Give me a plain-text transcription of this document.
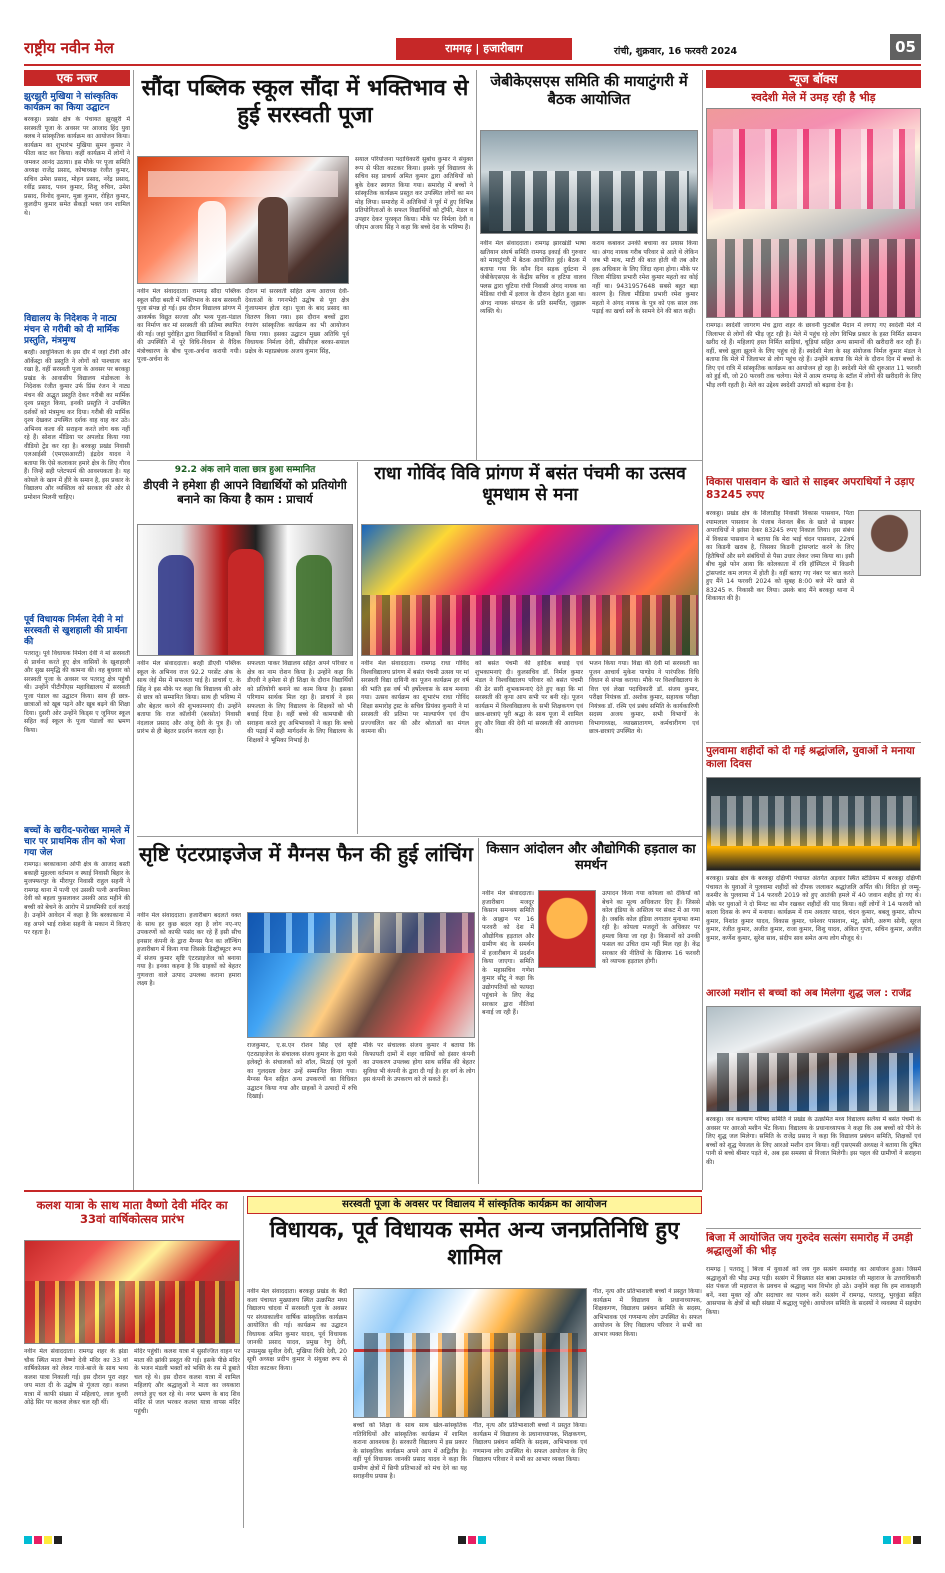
राष्ट्रीय नवीन मेल	रामगढ़ | हजारीबाग	रांची, शुक्रवार, 16 फरवरी 2024	05
एक नजर
झुरझुरी मुखिया ने सांस्कृतिक कार्यक्रम का किया उद्घाटन
बरकट्ठा। प्रखंड क्षेत्र के पंचायत झुरझुरी में सरस्वती पूजा के अवसर पर आजाद हिंद युवा क्लब ने सांस्कृतिक कार्यक्रम का आयोजन किया। कार्यक्रम का शुभारंभ मुखिया सुमन कुमार ने फीता काट कर किया। कहीं कार्यक्रम में लोगों ने जमकर आनंद उठाया। इस मौके पर पूजा समिति अध्यक्ष राजेंद्र प्रसाद, कोषाध्यक्ष रंजीत कुमार, सचिव उमेश प्रसाद, मोहन प्रसाद, नरेंद्र प्रसाद, रवींद्र प्रसाद, पवन कुमार, शिशु रुचिन, उमेश प्रसाद, विनोद कुमार, मुन्ना कुमार, रोहित कुमार, कुलदीप कुमार समेत सैकड़ों भक्त जन शामिल थे।
विद्यालय के निदेशक ने नाट्य मंचन से गरीबी को दी मार्मिक प्रस्तुति, मंत्रमुग्ध
बरही। आधुनिकता के इस दौर में जहां टीवी और ऑर्केस्ट्रा की प्रस्तुति ने लोगों को पाश्चात्य कर रखा है, वहीं सरस्वती पूजा के अवसर पर बरकट्ठा प्रखंड के आवासीय विद्यालय मंडोकला के निदेशक रंजीत कुमार उर्फ प्रिंस रंजन ने नाट्य मंचन की अद्भुत प्रस्तुति देकर गरीबी का मार्मिक दृश्य प्रस्तुत किया, इनकी प्रस्तुति ने उपस्थित दर्शकों को मंत्रमुग्ध कर दिया। गरीबी की मार्मिक दृश्य देखकर उपस्थित दर्शक वाह वाह कर उठे। अभिनय कला की सराहना करते लोग थक नहीं रहे हैं। सोशल मीडिया पर अपलोड किया गया वीडियो ट्रेंड कर रहा है। बरकट्ठा प्रखंड निवासी एलआईसी (एमएसआरटी) इंद्रदेव यादव ने बताया कि ऐसे कलाकार हमारे क्षेत्र के लिए गौरव हैं। जिन्हें सही प्लेटफार्म की आवश्यकता है। यह कोयले के खान में हीरे के समान है, इस प्रकार के विद्यालय और व्यक्तित्व को सरकार की ओर से प्रमोशन मिलनी चाहिए।
पूर्व विधायक निर्मला देवी ने मां सरस्वती से खुशहाली की प्रार्थना की
पतरातू। पूर्व विधायक निर्मला देवी ने मां सरस्वती से प्रार्थना करते हुए क्षेत्र वासियों के खुशहाली और सुख समृद्धि की कामना की। वह बुधवार को सरस्वती पूजा के अवसर पर पतरातु क्षेत्र पहुंची थी। उन्होंने पीटीपीएस महाविद्यालय में सरस्वती पूजा पंडाल का उद्घाटन किया। साथ ही छात्र-छात्राओं को खूब पढ़ने और खूब बढ़ने की शिक्षा दिया। दुसरी ओर उन्होंने किड्स ए जूनियर स्कूल सहित कई स्कूल के पूजा पंडालों का भ्रमण किया।
बच्चों के खरीद-फरोख्त मामले में चार पर प्राथमिक तीन को भेजा गया जेल
रामगढ़। बरकाकाना ओपी क्षेत्र के आजाद बस्ती बकाही मुहल्ला वर्तमान व स्थाई निवासी बिहार के मुजफ्फरपुर के मीरापुर निवासी राहुल सहनी ने रामगढ़ थाना में पत्नी एवं उसकी पत्नी अनामिका देवी को बहला फुसलाकर उसकी आठ महीने की बच्ची को बेचने के आरोप में प्राथमिकी दर्ज कराई है। उन्होंने आवेदन में कहा है कि बरकाकाना में वह अपने भाई राकेश सहनी के मकान में किराए पर रहता है।
सौंदा पब्लिक स्कूल सौंदा में भक्तिभाव से हुई सरस्वती पूजा
नवीन मेल संवाददाता। रामगढ़ सौंदा पब्लिक स्कूल सौंदा बस्ती में भक्तिभाव के साथ सरस्वती पूजा संपन्न हो गई। इस दौरान विद्यालय प्रांगण में आकर्षक विद्युत सज्जा और भव्य पूजा-पंडाल का निर्माण कर मां सरस्वती की प्रतिमा स्थापित की गई। जहां पुरोहित द्वारा विद्यार्थियों व शिक्षकों की उपस्थिति में पूरे विधि-विधान से वैदिक मंत्रोच्चारण के बीच पूजा-अर्चना करायी गयी। पूजा-अर्चना के
दौरान मां सरस्वती सहित अन्य आराध्य देवी-देवताओं के गगनभेदी उद्घोष से पूरा क्षेत्र गुंजायमान होता रहा। पूजा के बाद प्रसाद का वितरण किया गया। इस दौरान बच्चों द्वारा रंगारंग सांस्कृतिक कार्यक्रम का भी आयोजन किया गया। इसका उद्घाटन मुख्य अतिथि पूर्व विधायक निर्मला देवी, सीसीएल बरका-सयाल प्रक्षेत्र के महाप्रबंधक अजय कुमार सिंह,
सयाल परियोजना पदाधिकारी सुबोध कुमार ने संयुक्त रूप से फीता काटकर किया। इसके पूर्व विद्यालय के सचिव सह प्राचार्य अमित कुमार द्वारा अतिथियों को बुके देकर स्वागत किया गया। समारोह में बच्चों ने सांस्कृतिक कार्यक्रम प्रस्तुत कर उपस्थित लोगों का मन मोह लिया। समारोह में अतिथियों ने पूर्व में हुए विभिन्न प्रतियोगिताओं के सफल विद्यार्थियों को ट्रॉफी, मेडल व उपहार देकर पुरस्कृत किया। मौके पर निर्मला देवी व जीएम अजय सिंह ने कहा कि बच्चे देश के भविष्य हैं।
जेबीकेएसएस समिति की मायाटुंगरी में बैठक आयोजित
नवीन मेल संवाददाता। रामगढ़ झारखंडी भाषा खतियान संघर्ष समिति रामगढ़ इकाई की गुरुवार को मायाटुंगरी में बैठक आयोजित हुई। बैठक में बताया गया कि कौन दिन सड़क दुर्घटना में जेबीकेएसएस के केंद्रीय सचिव व हटिया वालव फ्लस द्वारा चुटिया रांची निवासी अंगद नायक का मेडिका रांची में इलाज के दौरान देहांत हुआ था। अंगद नायक संगठन के प्रति समर्पित, जुझारू व्यक्ति थे।
कराय कबाकर उनकी बचाया का प्रयास किया था। अंगद नायक गरीब परिवार से आते थे लेकिन जब भी माथ, माटी की बात होती थी तब और हक अधिकार के लिए जिंदा रहना होगा। मौके पर जिला मीडिया प्रभारी रमेश कुमार महतो का कोई नहीं था। 9431957648 सबसे बहुत बड़ा कारण है। जिला मीडिया प्रभारी रमेश कुमार महतो ने अंगद नायक के पुत्र को एक साल तक पढ़ाई का खर्चा सर्वे के सामने देने की बात कही।
न्यूज बॉक्स
स्वदेशी मेले में उमड़ रही है भीड़
रामगढ़। स्वदेशी जागरण मंच द्वारा शहर के छावनी फुटबॉल मैदान में लगाए गए स्वदेशी मेले में जिलाभर से लोगों की भीड़ जुट रही है। मेले में पहुंच रहे लोग विभिन्न प्रकार के हस्त निर्मित सामान खरीद रहे हैं। महिलाएं हस्त निर्मित साड़ियां, चूड़ियां सहित अन्य सामानों की खरीदारी कर रही हैं। वहीं, बच्चे झूला झूलने के लिए पहुंच रहे हैं। स्वदेशी मेला के सह संयोजक निर्मल कुमार मंडल ने बताया कि मेले में जिलाभर से लोग पहुंच रहे हैं। उन्होंने बताया कि मेले के दौरान दिन में बच्चों के लिए एवं रात्रि में सांस्कृतिक कार्यक्रम का आयोजन हो रहा है। स्वदेशी मेले की शुरुआत 11 फरवरी को हुई थी, जो 20 फरवरी तक चलेगा। मेले में आत्म रामगढ़ के स्टॉल में लोगों की खरीदारी के लिए भीड़ लगी रहती है। मेले का उद्देश्य स्वदेशी उत्पादों को बढ़ावा देना है।
92.2 अंक लाने वाला छात्र हुआ सम्मानित
डीएवी ने हमेशा ही आपने विद्यार्थियों को प्रतियोगी बनाने का किया है काम : प्राचार्य
नवीन मेल संवाददाता। बरही डीएवी पब्लिक स्कूल के अभिनव राज 92.2 परसेंट अंक के साथ जेई मेंस में सफलता पाई है। प्राचार्य ए. के सिंह ने इस मौके पर कहा कि विद्यालय की ओर से छात्र को सम्मानित किया। साथ ही भविष्य में और बेहतर करने की शुभकामनाएं दी। उन्होंने बताया कि राज कॉलोनी (बरसोत) निवासी नंदलाल प्रसाद और अंजू देवी के पुत्र हैं। जो प्रारंभ से ही बेहतर प्रदर्शन करता रहा है।
सफलता पाकर विद्यालय सहित अपने परिवार व क्षेत्र का नाम रोशन किया है। उन्होंने कहा कि डीएवी ने हमेशा से ही शिक्षा के दौरान विद्यार्थियों को प्रतियोगी बनाने का काम किया है। इसका परिणाम सार्थक मिल रहा है। प्राचार्य ने इस सफलता के लिए विद्यालय के शिक्षकों को भी बधाई दिया है। वहीं बच्चे की कामयाबी की सराहना करते हुए अभिभावकों ने कहा कि बच्चे की पढ़ाई में सही मार्गदर्शन के लिए विद्यालय के शिक्षकों ने भूमिका निभाई है।
राधा गोविंद विवि प्रांगण में बसंत पंचमी का उत्सव धूमधाम से मना
नवीन मेल संवाददाता। रामगढ़ राधा गोविंद विश्वविद्यालय प्रांगण में बसंत पंचमी उत्सव पर मां सरस्वती विद्या दायिनी का पूजन कार्यक्रम हर वर्ष की भांति इस वर्ष भी हर्षोल्लास के साथ मनाया गया। उत्सव कार्यक्रम का शुभारंभ राधा गोविंद शिक्षा समारोह ट्रस्ट के सचिव प्रियंका कुमारी ने मां सरस्वती की प्रतिमा पर माल्यार्पण एवं दीप प्रज्ज्वलित कर की और श्रोताओं का मंगल कामना की।
को बसंत पंचमी की हार्दिक बधाई एवं शुभकामनाएं दी। कुलसचिव डॉ. निर्मल कुमार मंडल ने विश्वविद्यालय परिवार को बसंत पंचमी की ढेर सारी शुभकामनाएं देते हुए कहा कि मां सरस्वती की कृपा आप सभी पर बनी रहे। पूजन कार्यक्रम में विश्वविद्यालय के सभी शिक्षकगण एवं छात्र-छात्राएं पूरी श्रद्धा के साथ पूजा में शामिल हुए और विद्या की देवी मां सरस्वती की आराधना की।
भजन किया गया। विद्या की देवी मां सरस्वती का पूजन आचार्य मुकेश पाण्डेय ने पारंपरिक विधि विधान से संपन्न कराया। मौके पर विश्वविद्यालय के वित्त एवं लेखा पदाधिकारी डॉ. संजय कुमार, परीक्षा नियंत्रक डॉ. अशोक कुमार, सहायक परीक्षा नियंत्रक डॉ. रश्मि एवं प्रबंध समिति के कार्यकारिणी सदस्य अजय कुमार, सभी विभागों के विभागाध्यक्ष, व्याख्यातागण, कर्मचारीगण एवं छात्र-छात्राएं उपस्थित थे।
विकास पासवान के खाते से साइबर अपराधियों ने उड़ाए 83245 रुपए
बरकट्ठा। प्रखंड क्षेत्र के शिलाडीह निवासी विकास पासवान, पिता श्यामलाल पासवान के पंजाब नेशनल बैंक के खाते से साइबर अपराधियों ने झांसा देकर 83245 रुपए निकाल लिया। इस संबंध में विकास पासवान ने बताया कि मेरा भाई चंदन पासवान, 22वर्ष का किडनी खराब है, जिसका किडनी ट्रांसप्लांट करने के लिए हितैषियों और सगे संबंधियों से पैसा उधार लेकर जमा किया था। इसी बीच मुझे फोन आया कि कोलकाता में रवि हॉस्पिटल में किडनी ट्रांसप्लांट कम लागत में होती है। वहीं बताए गए नंबर पर बात करते हुए मैंने 14 फरवरी 2024 को सुबह 8:00 बजे मेरे खाते से 83245 रु. निकासी कर लिया। उसके बाद मैंने बरकट्ठा थाना में शिकायत की है।
पुलवामा शहीदों को दी गई श्रद्धांजलि, युवाओं ने मनाया काला दिवस
बरकट्ठा। प्रखंड क्षेत्र के बरकट्ठा दक्षिणी पंचायत अंतर्गत अड़वार स्थित स्टेडियम में बरकट्ठा दक्षिणी पंचायत के युवाओं ने पुलवामा शहीदों को दीपक जलाकर श्रद्धांजलि अर्पित की। विदित हो जम्मू-कश्मीर के पुलवामा में 14 फरवरी 2019 को हुए आतंकी हमले में 40 जवान शहीद हो गए थे। मौके पर युवाओं ने दो मिनट का मौन रखकर शहीदों की याद किया। वहीं लोगों ने 14 फरवरी को काला दिवस के रूप में मनाया। कार्यक्रम में राम अवतार यादव, चंदन कुमार, बबलू कुमार, सौरभ कुमार, निशांत कुमार यादव, विकास कुमार, धनेश्वर पासवान, मंटू, सोनी, अरुण सोनी, सूरज कुमार, रंजीत कुमार, अजीत कुमार, राजा कुमार, शिशु यादव, अंकित गुप्ता, सचिन कुमार, अजीत कुमार, कर्णेश कुमार, सुरेश साव, संदीप साव समेत अन्य लोग मौजूद थे।
सृष्टि एंटरप्राइजेज में मैग्नस फैन की हुई लांचिंग
नवीन मेल संवाददाता। हजारीबाग बदलते वक्त के साथ हर कुछ बदल रहा है लोग नए-नए उपकरणों को काफी पसंद कर रहे हैं इसी सीच इनसार कंपनी के द्वारा मैग्नस फैन का लॉन्चिंग हजारीबाग में किया गया जिसके डिस्ट्रीब्यूटर रूप में संजय कुमार सृष्टि एंटरप्राइजेज को बनाया गया है। इनका कहना है कि ग्राहकों को बेहतर गुणवत्ता वाले उत्पाद उपलब्ध कराना हमारा लक्ष्य है।
राजकुमार, ए.स.एन रोशन सिंह एवं सृष्टि एंटरप्राइजेज के संचालक संजय कुमार के द्वारा फंसे इलेक्ट्रो के संचालकों को शॉल, मिठाई एवं फूलों का गुलदस्ता देकर उन्हें सम्मानित किया गया। मैग्नस फैन सहित अन्य उपकरणों का विधिवत उद्घाटन किया गया और ग्राहकों ने उत्पादों में रुचि दिखाई।
मौके पर संचालक संजय कुमार ने बताया कि किफायती दामों में शहर वासियों को इंसार कंपनी का उपकरण उपलब्ध होगा साथ सर्विस की बेहतर सुविधा भी कंपनी के द्वारा दी गई है। हर वर्ग के लोग इस कंपनी के उपकरण को ले सकते हैं।
किसान आंदोलन और औद्योगिकी हड़ताल का समर्थन
नवीन मेल संवाददाता। हजारीबाग मजदूर किसान समन्वय समिति के आह्वान पर 16 फरवरी को देश में औद्योगिक हड़ताल और ग्रामीण बंद के समर्थन में हजारीबाग में प्रदर्शन किया जाएगा। समिति के महासचिव गणेश कुमार सीटू ने कहा कि उद्योगपतियों को फायदा पहुंचाने के लिए केंद्र सरकार द्वारा नीतियां बनाई जा रही हैं।
उत्पादन किया गया कोयला को देकियों को बेचने का मूल्य अधिकतर दिए हैं। जिससे कोल इंडिया के अस्तित्व पर संकट में आ गया है। जबकि कोल इंडिया लगातार मुनाफा कमा रही है। कोयला मजदूरों के अधिकार पर हमला किया जा रहा है। किसानों को उनकी फसल का उचित दाम नहीं मिल रहा है। केंद्र सरकार की नीतियों के खिलाफ 16 फरवरी को व्यापक हड़ताल होगी।
आरओ मशीन से बच्चों को अब मिलेगा शुद्ध जल : राजेंद्र
बरकट्ठा। जन कल्याण परिषद समिति ने प्रखंड के उत्क्रमित मध्य विद्यालय सलैया में बसंत पंचमी के अवसर पर आरओ मशीन भेंट किया। विद्यालय के प्रधानाध्यापक ने कहा कि अब बच्चों को पीने के लिए शुद्ध जल मिलेगा। समिति के राजेंद्र प्रसाद ने कहा कि विद्यालय प्रबंधन समिति, शिक्षकों एवं बच्चों को शुद्ध पेयजल के लिए आरओ मशीन दान किया। वहीं एसएमसी अध्यक्ष ने बताया कि दूषित पानी से बच्चे बीमार पड़ते थे, अब इस समस्या से निजात मिलेगी। इस पहल की ग्रामीणों ने सराहना की।
कलश यात्रा के साथ माता वैष्णो देवी मंदिर का 33वां वार्षिकोत्सव प्रारंभ
नवीन मेल संवाददाता। रामगढ़ शहर के झंडा चौक स्थित माता वैष्णो देवी मंदिर का 33 वां वार्षिकोत्सव को लेकर गाजे-बाजे के साथ भव्य कलश यात्रा निकाली गई। इस दौरान पूरा शहर जय माता दी के उद्घोष से गूंजता रहा। कलश यात्रा में काफी संख्या में महिलाएं, लाल चुनरी ओढ़े सिर पर कलश लेकर चल रही थीं।
मंदिर पहुंची। कलश यात्रा में सुसज्जित वाहन पर माता की झांकी प्रस्तुत की गई। इसके पीछे मंदिर के भजन मंडली भक्तों को भक्ति के रस में डूबाते चल रहे थे। इस दौरान कलश यात्रा में शामिल महिलाएं और श्रद्धालुओं ने माता का जयकारा लगाते हुए चल रहे थे। नगर भ्रमण के बाद शिव मंदिर से जल भरकर कलश यात्रा वापस मंदिर पहुंची।
सरस्वती पूजा के अवसर पर विद्यालय में सांस्कृतिक कार्यक्रम का आयोजन
विधायक, पूर्व विधायक समेत अन्य जनप्रतिनिधि हुए शामिल
नवीन मेल संवाददाता। बरकट्ठा प्रखंड के बैंदो कला पंचायत मुख्यालय स्थित उत्क्रमित मध्य विद्यालय चांदवा में सरस्वती पूजा के अवसर पर संध्याकालीन वार्षिक सांस्कृतिक कार्यक्रम आयोजित की गई। कार्यक्रम का उद्घाटन विधायक अमित कुमार यादव, पूर्व विधायक जानकी प्रसाद यादव, प्रमुख रेणु देवी, उपप्रमुख सुनील देवी, मुखिया रिंकी देवी, 20 सूत्री अध्यक्ष प्रदीप कुमार ने संयुक्त रूप से फीता काटकर किया।
बच्चों को शिक्षा के साथ साथ खेल-सांस्कृतिक गतिविधियों और सांस्कृतिक कार्यक्रम में शामिल कराना आवश्यक है। सरकारी विद्यालय में इस प्रकार के सांस्कृतिक कार्यक्रम अपने आप में अद्वितीय है। वहीं पूर्व विधायक जानकी प्रसाद यादव ने कहा कि ग्रामीण क्षेत्रों में छिपी प्रतिभाओं को मंच देने का यह सराहनीय प्रयास है।
गीत, नृत्य और प्रतिभाशाली बच्चों ने प्रस्तुत किया। कार्यक्रम में विद्यालय के प्रधानाध्यापक, शिक्षकगण, विद्यालय प्रबंधन समिति के सदस्य, अभिभावक एवं गणमान्य लोग उपस्थित थे। सफल आयोजन के लिए विद्यालय परिवार ने सभी का आभार व्यक्त किया।
गीत, नृत्य और प्रतिभाशाली बच्चों ने प्रस्तुत किया। कार्यक्रम में विद्यालय के प्रधानाध्यापक, शिक्षकगण, विद्यालय प्रबंधन समिति के सदस्य, अभिभावक एवं गणमान्य लोग उपस्थित थे। सफल आयोजन के लिए विद्यालय परिवार ने सभी का आभार व्यक्त किया।
बिजा में आयोजित जय गुरुदेव सत्संग समारोह में उमड़ी श्रद्धालुओं की भीड़
रामगढ़ | पतरातू | बिजा में युवाओं को जय गुरु सत्संग समारोह का आयोजन हुआ। जिसमें श्रद्धालुओं की भीड़ उमड़ पड़ी। सत्संग में विख्यात संत बाबा उमाकांत जी महाराज के उत्तराधिकारी संत पंकज जी महाराज के प्रवचन से श्रद्धालु भाव विभोर हो उठे। उन्होंने कहा कि हम शाकाहारी बनें, नशा मुक्त रहें और सदाचार का पालन करें। सत्संग में रामगढ़, पतरातू, भुरकुंडा सहित आसपास के क्षेत्रों से बड़ी संख्या में श्रद्धालु पहुंचे। आयोजन समिति के सदस्यों ने व्यवस्था में सहयोग किया।
